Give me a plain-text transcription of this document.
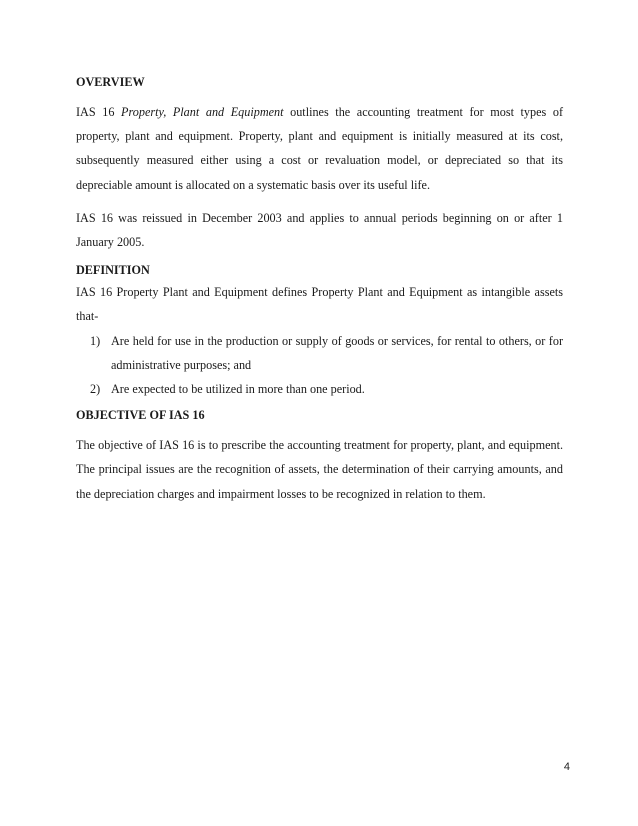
OVERVIEW

IAS 16 Property, Plant and Equipment outlines the accounting treatment for most types of property, plant and equipment. Property, plant and equipment is initially measured at its cost, subsequently measured either using a cost or revaluation model, or depreciated so that its depreciable amount is allocated on a systematic basis over its useful life.

IAS 16 was reissued in December 2003 and applies to annual periods beginning on or after 1 January 2005.

DEFINITION

IAS 16 Property Plant and Equipment defines Property Plant and Equipment as intangible assets that-

1) Are held for use in the production or supply of goods or services, for rental to others, or for administrative purposes; and
2) Are expected to be utilized in more than one period.
OBJECTIVE OF IAS 16

The objective of IAS 16 is to prescribe the accounting treatment for property, plant, and equipment. The principal issues are the recognition of assets, the determination of their carrying amounts, and the depreciation charges and impairment losses to be recognized in relation to them.

4
